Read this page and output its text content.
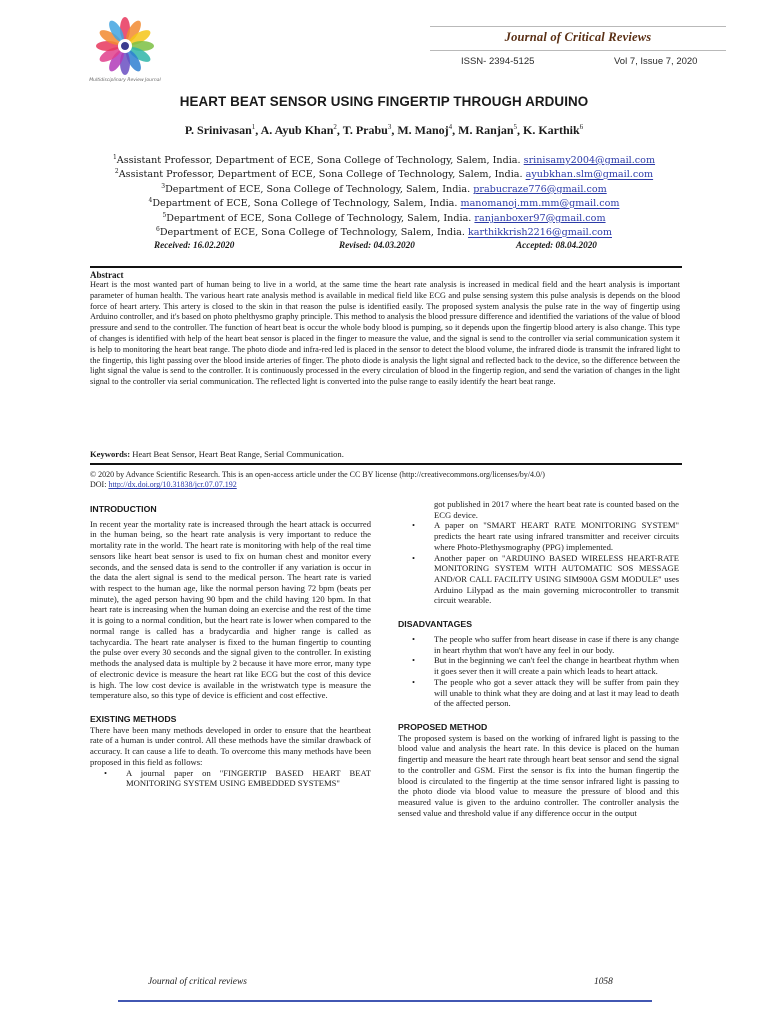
Multidisciplinary Review Journal
Journal of Critical Reviews
ISSN- 2394-5125	Vol 7, Issue 7, 2020
HEART BEAT SENSOR USING FINGERTIP THROUGH ARDUINO
P. Srinivasan$^1$, A. Ayub Khan$^2$, T. Prabu$^3$, M. Manoj$^4$, M. Ranjan$^5$, K. Karthik$^6$
$^1$Assistant Professor, Department of ECE, Sona College of Technology, Salem, India. srinisamy2004@gmail.com
$^2$Assistant Professor, Department of ECE, Sona College of Technology, Salem, India. ayubkhan.slm@gmail.com
$^3$Department of ECE, Sona College of Technology, Salem, India. prabucraze776@gmail.com
$^4$Department of ECE, Sona College of Technology, Salem, India. manomanoj.mm.mm@gmail.com
$^5$Department of ECE, Sona College of Technology, Salem, India. ranjanboxer97@gmail.com
$^6$Department of ECE, Sona College of Technology, Salem, India. karthikkrish2216@gmail.com
Received: 16.02.2020	Revised: 04.03.2020	Accepted: 08.04.2020
Abstract
Heart is the most wanted part of human being to live in a world, at the same time the heart rate analysis is increased in medical field and the heart analysis is important parameter of human health. The various heart rate analysis method is available in medical field like ECG and pulse sensing system this pulse analysis is depends on the blood force of heart artery. This artery is closed to the skin in that reason the pulse is identified easily. The proposed system analysis the pulse rate in the way of fingertip using Arduino controller, and it's based on photo phelthysmo graphy principle. This method to analysis the blood pressure difference and identified the variations of the value of blood pressure and send to the controller. The function of heart beat is occur the whole body blood is pumping, so it depends upon the fingertip blood artery is also change. This type of changes is identified with help of the heart beat sensor is placed in the finger to measure the value, and the signal is send to the controller via serial communication system it is help to monitoring the heart beat range. The photo diode and infra-red led is placed in the sensor to detect the blood volume, the infrared diode is transmit the infrared light to the fingertip, this light passing over the blood inside arteries of finger. The photo diode is analysis the light signal and reflected back to the device, so the difference between the light signal the value is send to the controller. It is continuously processed in the every circulation of blood in the fingertip region, and send the variation of changes in the light signal to the controller via serial communication. The reflected light is converted into the pulse range to easily identify the heart beat range.
Keywords: Heart Beat Sensor, Heart Beat Range, Serial Communication.
© 2020 by Advance Scientific Research. This is an open-access article under the CC BY license (http://creativecommons.org/licenses/by/4.0/)
DOI: http://dx.doi.org/10.31838/jcr.07.07.192

INTRODUCTION

In recent year the mortality rate is increased through the heart attack is occurred in the human being, so the heart rate analysis is very important to reduce the mortality rate in the world. The heart rate is monitoring with help of the real time sensors like heart beat sensor is used to fix on human chest and monitor every seconds, and the sensed data is send to the controller if any variation is occur in the data the alert signal is send to the medical person. The heart rate is varied with respect to the human age, like the normal person having 72 bpm (beats per minute), the aged person having 90 bpm and the child having 120 bpm. In that heart rate is increasing when the human doing an exercise and the rest of the time it is going to a normal condition, but the heart rate is lower when compared to the normal range is called has a bradycardia and higher range is called as tachycardia. The heart rate analyser is fixed to the human fingertip to counting the pulse over every 30 seconds and the signal given to the controller. In existing methods the analysed data is multiple by 2 because it have more error, many type of electronic device is measure the heart rat like ECG but the cost of this device is high. The low cost device is available in the wristwatch type is measure the temperature also, so this type of device is efficient and cost effective.

EXISTING METHODS

There have been many methods developed in order to ensure that the heartbeat rate of a human is under control. All these methods have the similar drawback of accuracy. It can cause a life to death. To overcome this many methods have been proposed in this field as follows:

• A journal paper on "FINGERTIP BASED HEART BEAT MONITORING SYSTEM USING EMBEDDED SYSTEMS"

got published in 2017 where the heart beat rate is counted based on the ECG device.

• A paper on "SMART HEART RATE MONITORING SYSTEM" predicts the heart rate using infrared transmitter and receiver circuits where Photo-Plethysmography (PPG) implemented.
• Another paper on "ARDUINO BASED WIRELESS HEART-RATE MONITORING SYSTEM WITH AUTOMATIC SOS MESSAGE AND/OR CALL FACILITY USING SIM900A GSM MODULE" uses Arduino Lilypad as the main governing microcontroller to transmit circuit wearable.

DISADVANTAGES

• The people who suffer from heart disease in case if there is any change in heart rhythm that won't have any feel in our body.
• But in the beginning we can't feel the change in heartbeat rhythm when it goes sever then it will create a pain which leads to heart attack.
• The people who got a sever attack they will be suffer from pain they will unable to think what they are doing and at last it may lead to death of the affected person.

PROPOSED METHOD

The proposed system is based on the working of infrared light is passing to the blood value and analysis the heart rate. In this device is placed on the human fingertip and measure the heart rate through heart beat sensor and send the signal to the controller and GSM. First the sensor is fix into the human fingertip the blood is circulated to the fingertip at the time sensor infrared light is passing to the photo diode via blood value to measure the pressure of blood and this measured value is given to the arduino controller. The controller analysis the sensed value and threshold value if any difference occur in the output

Journal of critical reviews	1058
